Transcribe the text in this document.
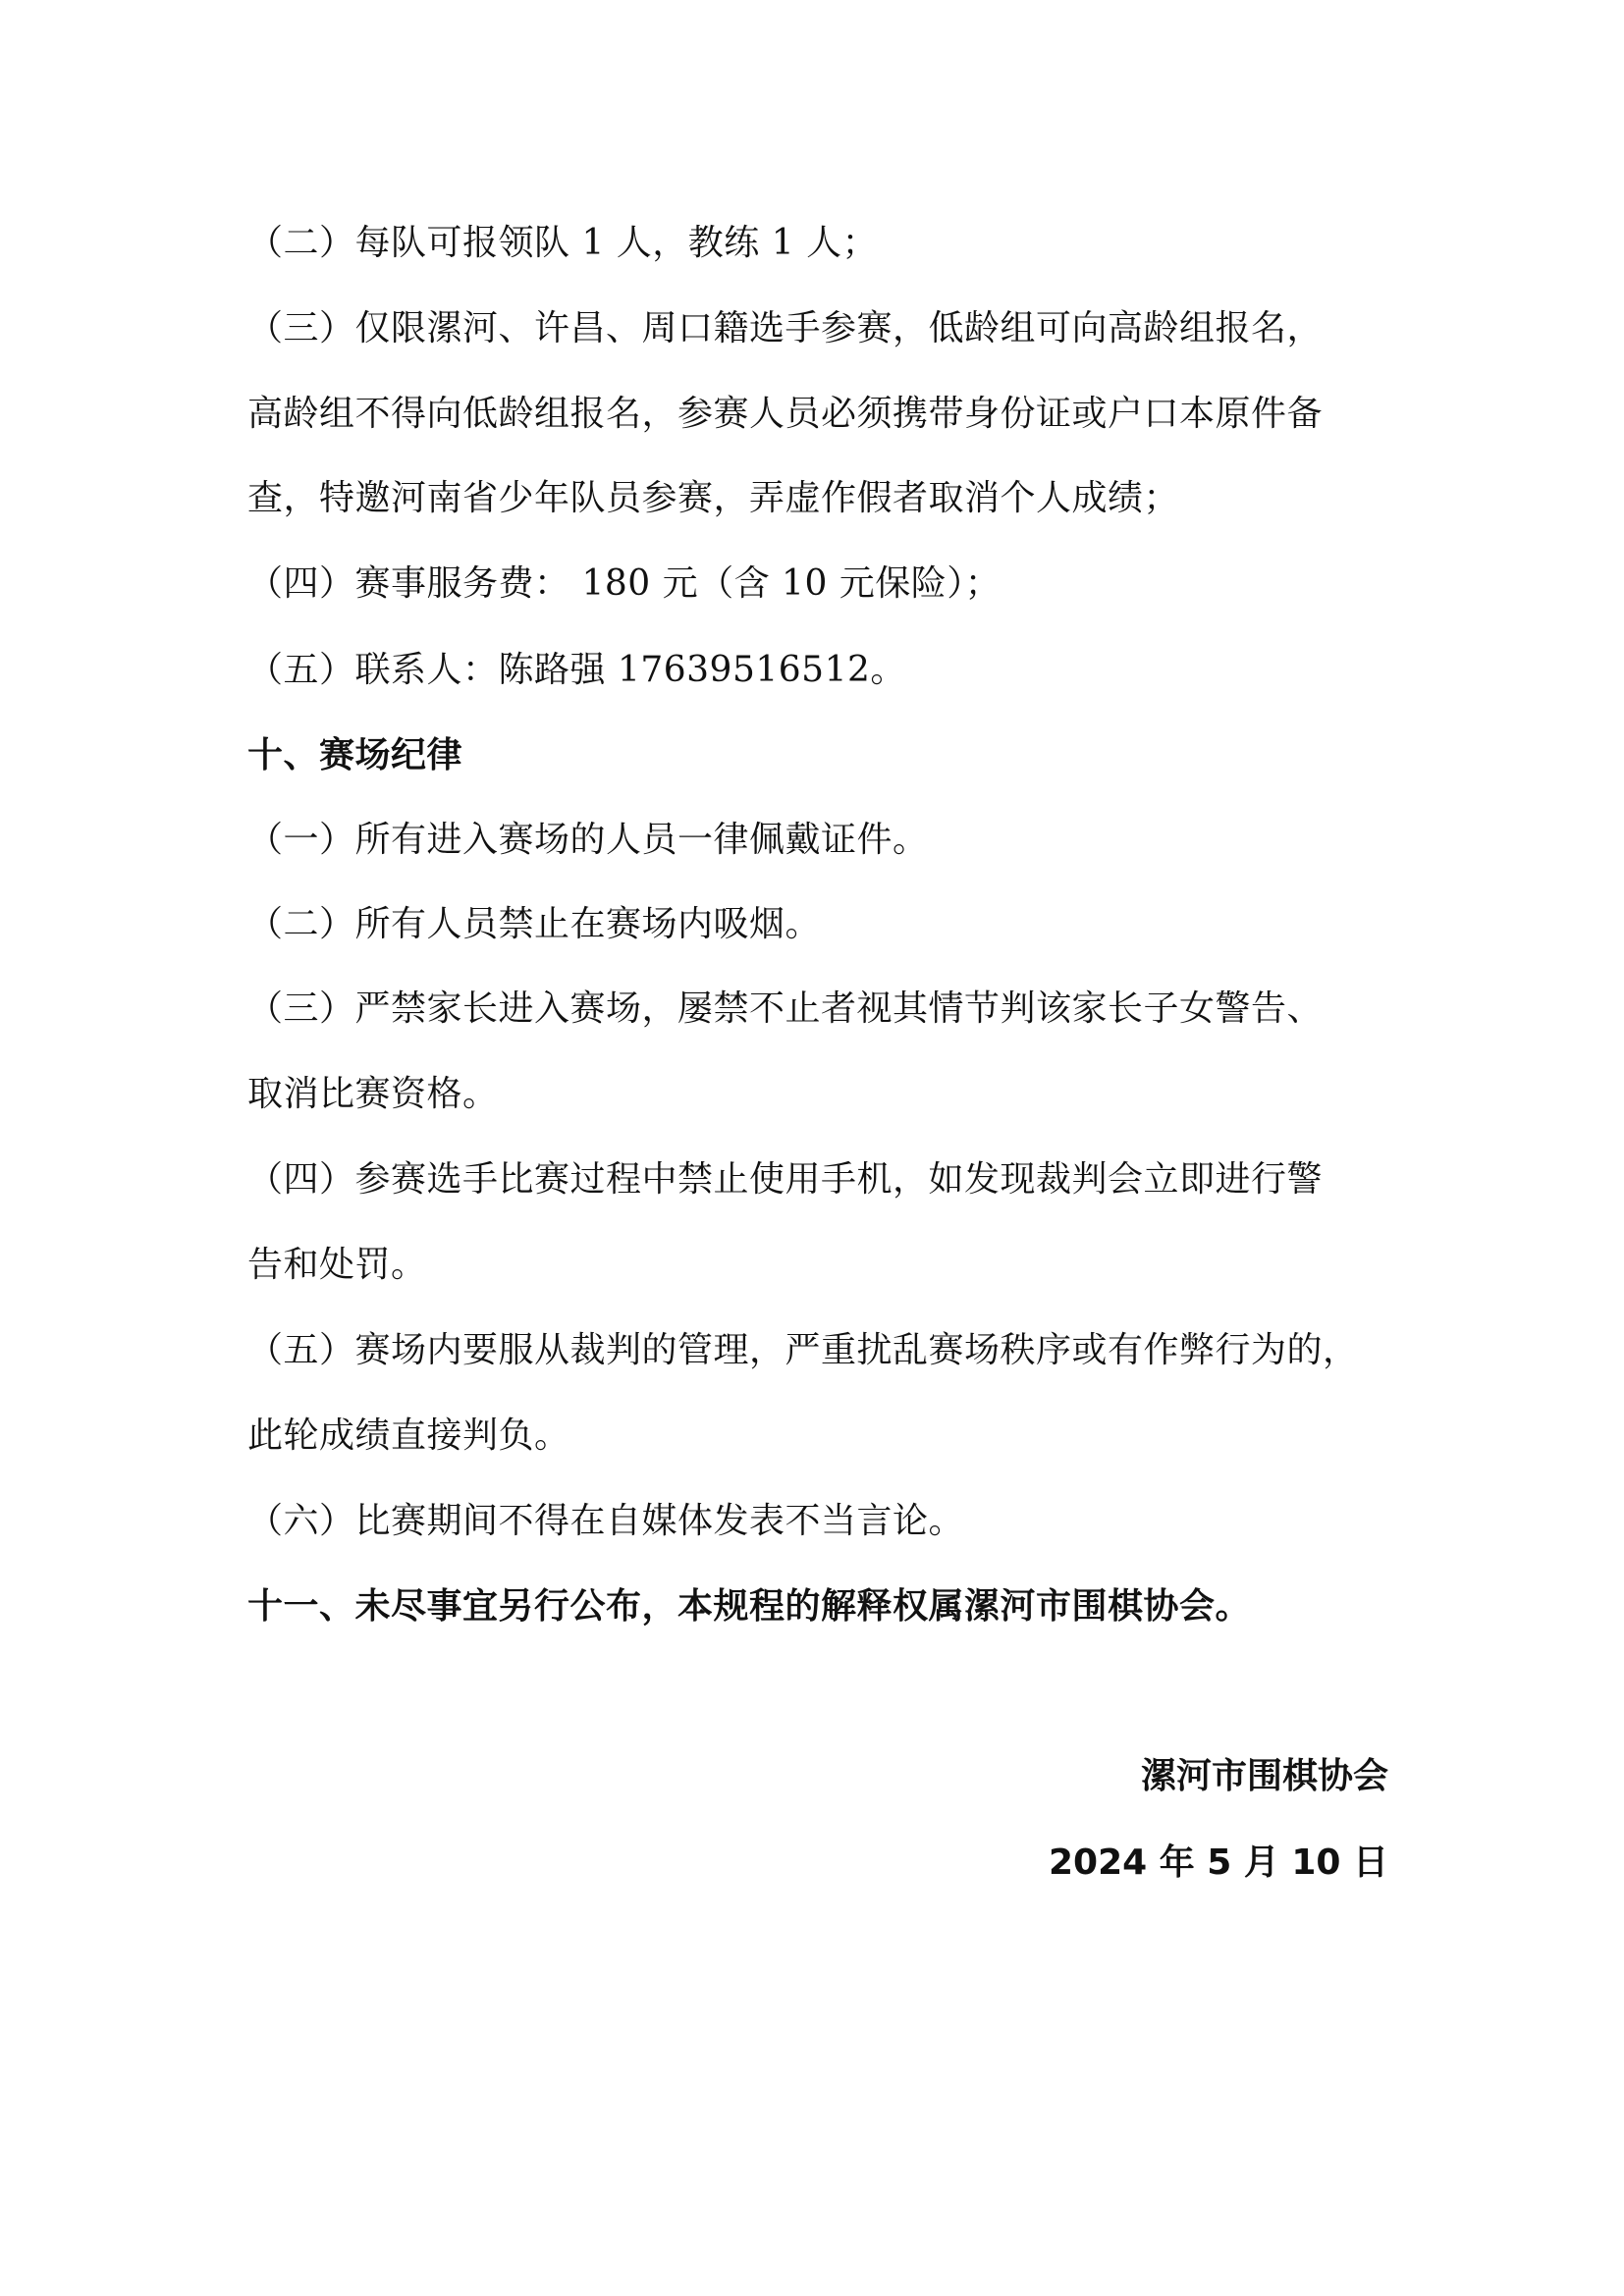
（二）每队可报领队 1 人，教练 1 人；
（三）仅限漯河、许昌、周口籍选手参赛，低龄组可向高龄组报名，
高龄组不得向低龄组报名，参赛人员必须携带身份证或户口本原件备
查，特邀河南省少年队员参赛，弄虚作假者取消个人成绩；
（四）赛事服务费： 180 元（含 10 元保险）；
（五）联系人：陈路强 17639516512。
十、赛场纪律
（一）所有进入赛场的人员一律佩戴证件。
（二）所有人员禁止在赛场内吸烟。
（三）严禁家长进入赛场，屡禁不止者视其情节判该家长子女警告、
取消比赛资格。
（四）参赛选手比赛过程中禁止使用手机，如发现裁判会立即进行警
告和处罚。
（五）赛场内要服从裁判的管理，严重扰乱赛场秩序或有作弊行为的，
此轮成绩直接判负。
（六）比赛期间不得在自媒体发表不当言论。
十一、未尽事宜另行公布，本规程的解释权属漯河市围棋协会。
漯河市围棋协会
2024 年 5 月 10 日
